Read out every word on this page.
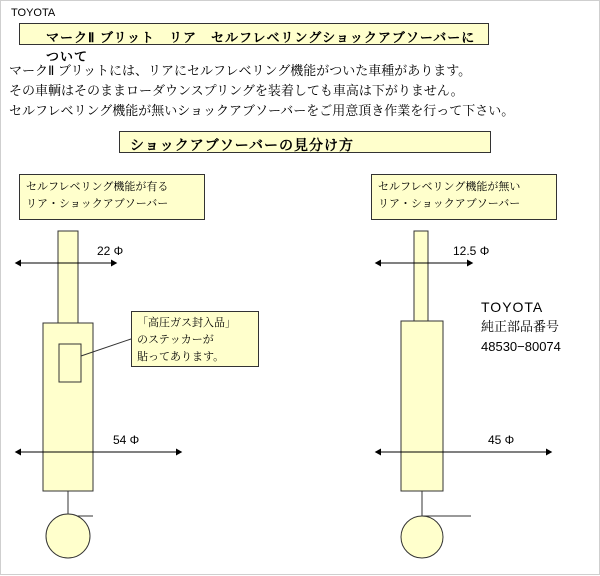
TOYOTA
マークⅡ ブリット　リア　セルフレベリングショックアブソーバーについて
マークⅡ ブリットには、リアにセルフレベリング機能がついた車種があります。
その車輌はそのままローダウンスプリングを装着しても車高は下がりません。
セルフレベリング機能が無いショックアブソーバーをご用意頂き作業を行って下さい。
ショックアブソーバーの見分け方
セルフレベリング機能が有る
リア・ショックアブソーバー
セルフレベリング機能が無い
リア・ショックアブソーバー
22 Φ
54 Φ
12.5 Φ
45 Φ
「高圧ガス封入品」
のステッカーが
貼ってあります。
TOYOTA
純正部品番号
48530−80074
